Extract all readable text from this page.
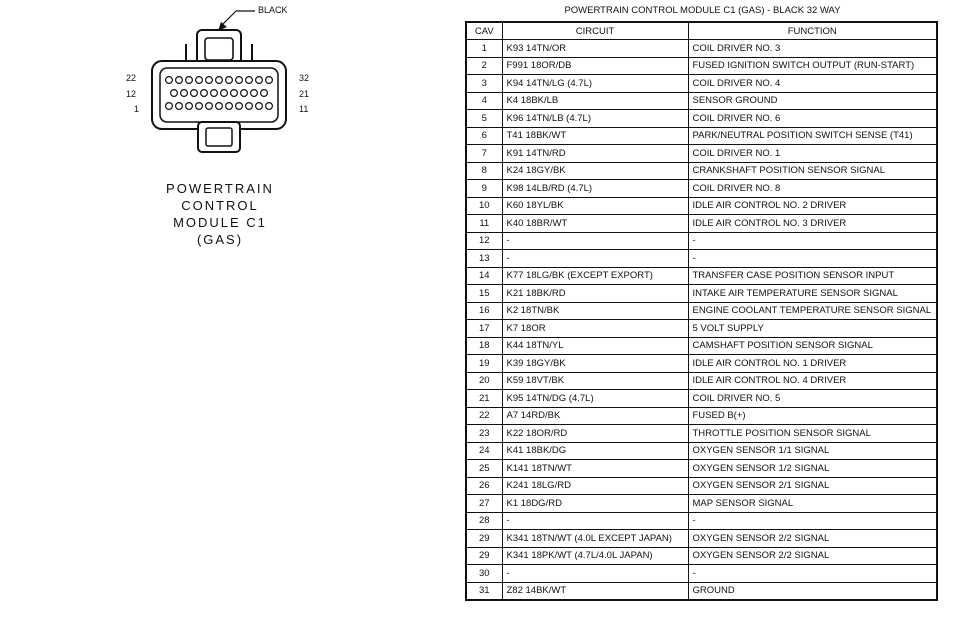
BLACK
22
12
1
32
21
11
POWERTRAIN
CONTROL
MODULE C1
(GAS)
POWERTRAIN CONTROL MODULE C1 (GAS) - BLACK 32 WAY
CAV	CIRCUIT	FUNCTION
1	K93 14TN/OR	COIL DRIVER NO. 3
2	F991 18OR/DB	FUSED IGNITION SWITCH OUTPUT (RUN-START)
3	K94 14TN/LG (4.7L)	COIL DRIVER NO. 4
4	K4 18BK/LB	SENSOR GROUND
5	K96 14TN/LB (4.7L)	COIL DRIVER NO. 6
6	T41 18BK/WT	PARK/NEUTRAL POSITION SWITCH SENSE (T41)
7	K91 14TN/RD	COIL DRIVER NO. 1
8	K24 18GY/BK	CRANKSHAFT POSITION SENSOR SIGNAL
9	K98 14LB/RD (4.7L)	COIL DRIVER NO. 8
10	K60 18YL/BK	IDLE AIR CONTROL NO. 2 DRIVER
11	K40 18BR/WT	IDLE AIR CONTROL NO. 3 DRIVER
12	-	-
13	-	-
14	K77 18LG/BK (EXCEPT EXPORT)	TRANSFER CASE POSITION SENSOR INPUT
15	K21 18BK/RD	INTAKE AIR TEMPERATURE SENSOR SIGNAL
16	K2 18TN/BK	ENGINE COOLANT TEMPERATURE SENSOR SIGNAL
17	K7 18OR	5 VOLT SUPPLY
18	K44 18TN/YL	CAMSHAFT POSITION SENSOR SIGNAL
19	K39 18GY/BK	IDLE AIR CONTROL NO. 1 DRIVER
20	K59 18VT/BK	IDLE AIR CONTROL NO. 4 DRIVER
21	K95 14TN/DG (4.7L)	COIL DRIVER NO. 5
22	A7 14RD/BK	FUSED B(+)
23	K22 18OR/RD	THROTTLE POSITION SENSOR SIGNAL
24	K41 18BK/DG	OXYGEN SENSOR 1/1 SIGNAL
25	K141 18TN/WT	OXYGEN SENSOR 1/2 SIGNAL
26	K241 18LG/RD	OXYGEN SENSOR 2/1 SIGNAL
27	K1 18DG/RD	MAP SENSOR SIGNAL
28	-	-
29	K341 18TN/WT (4.0L EXCEPT JAPAN)	OXYGEN SENSOR 2/2 SIGNAL
29	K341 18PK/WT (4.7L/4.0L JAPAN)	OXYGEN SENSOR 2/2 SIGNAL
30	-	-
31	Z82 14BK/WT	GROUND
